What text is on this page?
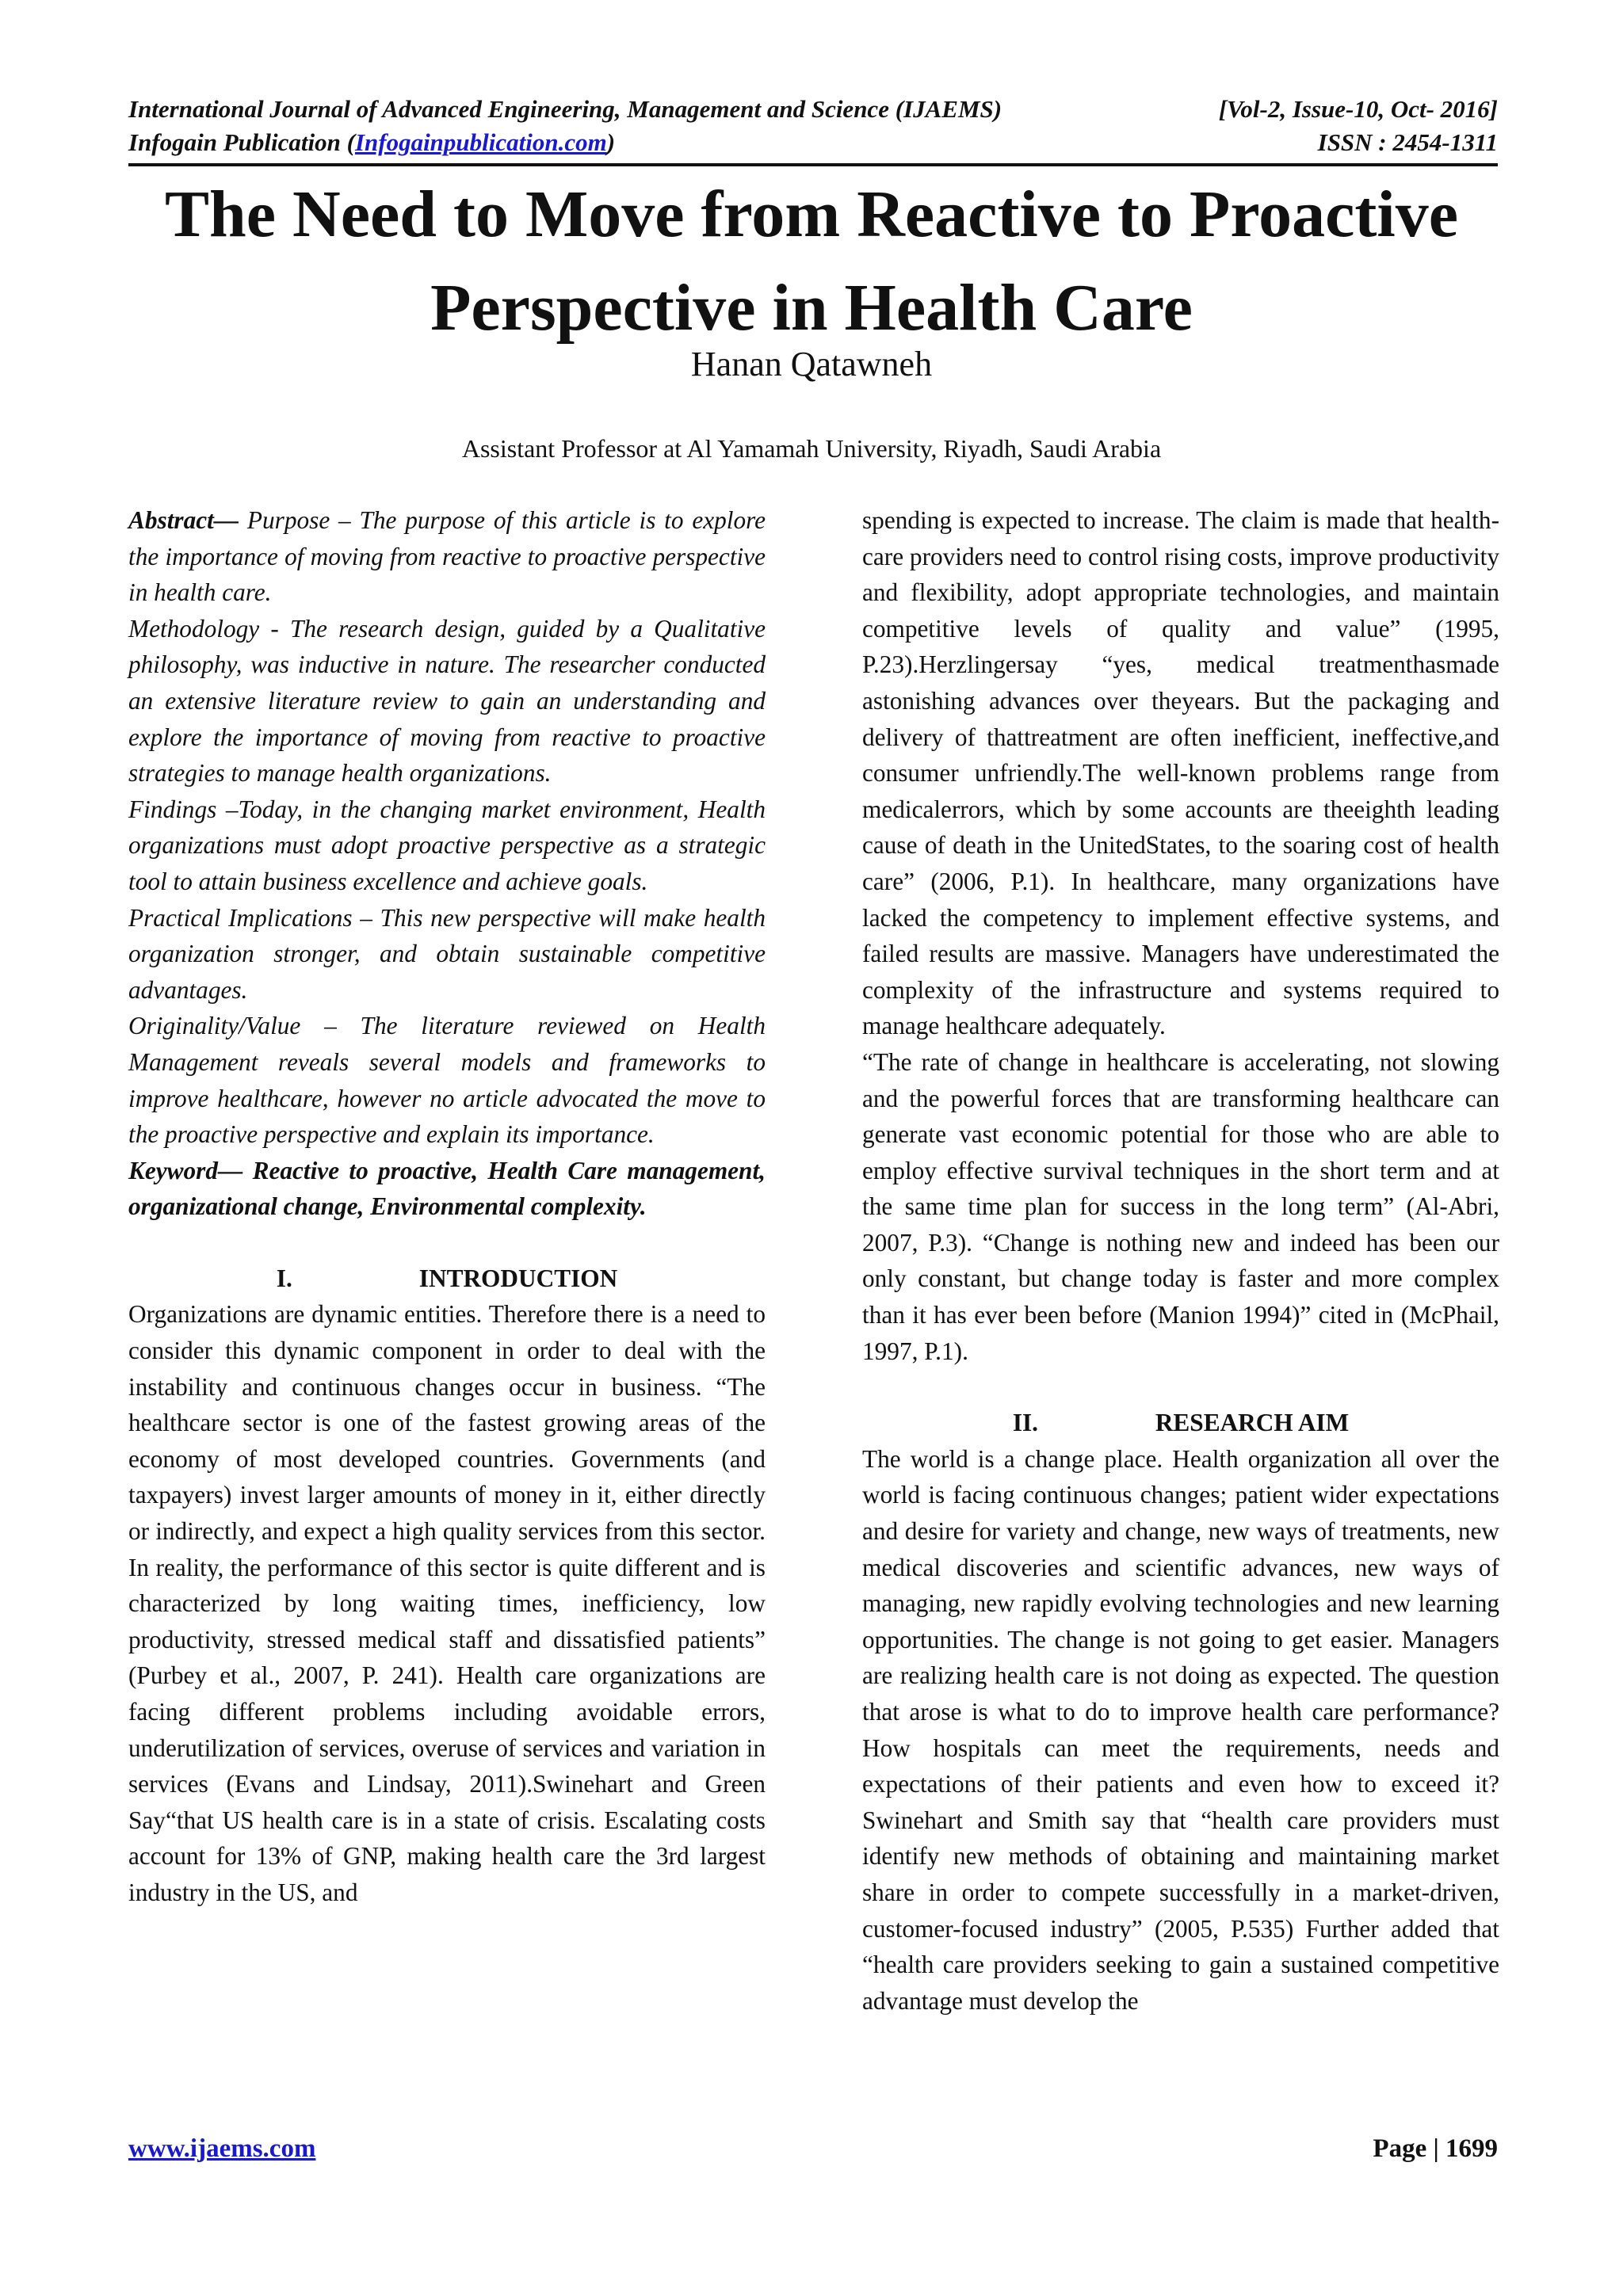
International Journal of Advanced Engineering, Management and Science (IJAEMS)	[Vol-2, Issue-10, Oct- 2016]
Infogain Publication (Infogainpublication.com)	ISSN : 2454-1311
The Need to Move from Reactive to Proactive
Perspective in Health Care
Hanan Qatawneh
Assistant Professor at Al Yamamah University, Riyadh, Saudi Arabia

Abstract— Purpose – The purpose of this article is to explore the importance of moving from reactive to proactive perspective in health care.

Methodology - The research design, guided by a Qualitative philosophy, was inductive in nature. The researcher conducted an extensive literature review to gain an understanding and explore the importance of moving from reactive to proactive strategies to manage health organizations.

Findings –Today, in the changing market environment, Health organizations must adopt proactive perspective as a strategic tool to attain business excellence and achieve goals.

Practical Implications – This new perspective will make health organization stronger, and obtain sustainable competitive advantages.

Originality/Value – The literature reviewed on Health Management reveals several models and frameworks to improve healthcare, however no article advocated the move to the proactive perspective and explain its importance.

Keyword— Reactive to proactive, Health Care management, organizational change, Environmental complexity.

I.	INTRODUCTION

Organizations are dynamic entities. Therefore there is a need to consider this dynamic component in order to deal with the instability and continuous changes occur in business. “The healthcare sector is one of the fastest growing areas of the economy of most developed countries. Governments (and taxpayers) invest larger amounts of money in it, either directly or indirectly, and expect a high quality services from this sector. In reality, the performance of this sector is quite different and is characterized by long waiting times, inefficiency, low productivity, stressed medical staff and dissatisfied patients” (Purbey et al., 2007, P. 241). Health care organizations are facing different problems including avoidable errors, underutilization of services, overuse of services and variation in services (Evans and Lindsay, 2011).Swinehart and Green Say“that US health care is in a state of crisis. Escalating costs account for 13% of GNP, making health care the 3rd largest industry in the US, and

spending is expected to increase. The claim is made that health-care providers need to control rising costs, improve productivity and flexibility, adopt appropriate technologies, and maintain competitive levels of quality and value” (1995, P.23).Herzlingersay “yes, medical treatmenthasmade astonishing advances over theyears. But the packaging and delivery of thattreatment are often inefficient, ineffective,and consumer unfriendly.The well-known problems range from medicalerrors, which by some accounts are theeighth leading cause of death in the UnitedStates, to the soaring cost of health care” (2006, P.1). In healthcare, many organizations have lacked the competency to implement effective systems, and failed results are massive. Managers have underestimated the complexity of the infrastructure and systems required to manage healthcare adequately.

“The rate of change in healthcare is accelerating, not slowing and the powerful forces that are transforming healthcare can generate vast economic potential for those who are able to employ effective survival techniques in the short term and at the same time plan for success in the long term” (Al-Abri, 2007, P.3). “Change is nothing new and indeed has been our only constant, but change today is faster and more complex than it has ever been before (Manion 1994)” cited in (McPhail, 1997, P.1).

II.	RESEARCH AIM

The world is a change place. Health organization all over the world is facing continuous changes; patient wider expectations and desire for variety and change, new ways of treatments, new medical discoveries and scientific advances, new ways of managing, new rapidly evolving technologies and new learning opportunities. The change is not going to get easier. Managers are realizing health care is not doing as expected. The question that arose is what to do to improve health care performance? How hospitals can meet the requirements, needs and expectations of their patients and even how to exceed it? Swinehart and Smith say that “health care providers must identify new methods of obtaining and maintaining market share in order to compete successfully in a market-driven, customer-focused industry” (2005, P.535) Further added that “health care providers seeking to gain a sustained competitive advantage must develop the

www.ijaems.com	Page | 1699
